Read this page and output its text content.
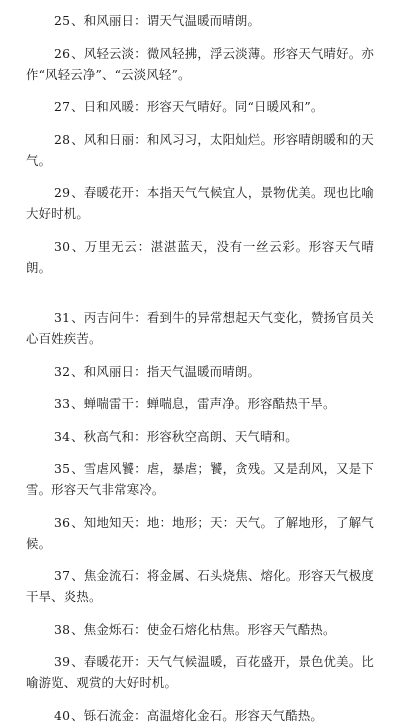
25、和风丽日：谓天气温暖而晴朗。
26、风轻云淡：微风轻拂，浮云淡薄。形容天气晴好。亦作“风轻云净”、“云淡风轻”。
27、日和风暖：形容天气晴好。同“日暖风和”。
28、风和日丽：和风习习，太阳灿烂。形容晴朗暖和的天气。
29、春暖花开：本指天气气候宜人，景物优美。现也比喻大好时机。
30、万里无云：湛湛蓝天，没有一丝云彩。形容天气晴朗。
31、丙吉问牛：看到牛的异常想起天气变化，赞扬官员关心百姓疾苦。
32、和风丽日：指天气温暖而晴朗。
33、蝉喘雷干：蝉喘息，雷声净。形容酷热干旱。
34、秋高气和：形容秋空高朗、天气晴和。
35、雪虐风饕：虐，暴虐；饕，贪残。又是刮风，又是下雪。形容天气非常寒冷。
36、知地知天：地：地形；天：天气。了解地形，了解气候。
37、焦金流石：将金属、石头烧焦、熔化。形容天气极度干旱、炎热。
38、焦金烁石：使金石熔化枯焦。形容天气酷热。
39、春暖花开：天气气候温暖，百花盛开，景色优美。比喻游览、观赏的大好时机。
40、铄石流金：高温熔化金石。形容天气酷热。
